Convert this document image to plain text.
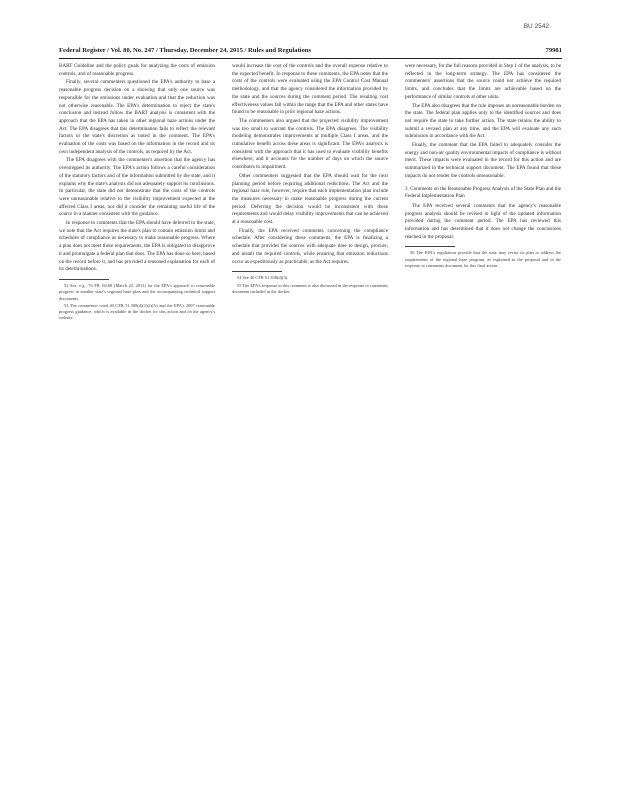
BU 2542
Federal Register / Vol. 80, No. 247 / Thursday, December 24, 2015 / Rules and Regulations	79981

BART Guideline and the policy goals for analyzing the costs of emission controls, and of reasonable progress.

Finally, several commenters questioned the EPA's authority to base a reasonable progress decision on a showing that only one source was responsible for the emissions under evaluation and that the reduction was not otherwise reasonable. The EPA's determination to reject the state's conclusion and instead follow the BART analysis is consistent with the approach that the EPA has taken in other regional haze actions under the Act. The EPA disagrees that this determination fails to reflect the relevant factors or the state's discretion as noted in the comment. The EPA's evaluation of the costs was based on the information in the record and its own independent analysis of the controls, as required by the Act.

The EPA disagrees with the commenter's assertion that the agency has overstepped its authority. The EPA's action follows a careful consideration of the statutory factors and of the information submitted by the state, and it explains why the state's analysis did not adequately support its conclusions. In particular, the state did not demonstrate that the costs of the controls were unreasonable relative to the visibility improvement expected at the affected Class I areas, nor did it consider the remaining useful life of the source in a manner consistent with the guidance.

In response to comments that the EPA should have deferred to the state, we note that the Act requires the state's plan to contain emission limits and schedules of compliance as necessary to make reasonable progress. Where a plan does not meet these requirements, the EPA is obligated to disapprove it and promulgate a federal plan that does. The EPA has done so here, based on the record before it, and has provided a reasoned explanation for each of its determinations.

52 See, e.g., 76 FR 16168 (March 22, 2011) for the EPA's approach to reasonable progress in another state's regional haze plan and the accompanying technical support documents.

53 The commenter cited 40 CFR 51.308(d)(1)(i)(A) and the EPA's 2007 reasonable progress guidance, which is available in the docket for this action and on the agency's website.

would increase the cost of the controls and the overall expense relative to the expected benefit. In response to these comments, the EPA notes that the costs of the controls were evaluated using the EPA Control Cost Manual methodology, and that the agency considered the information provided by the state and the sources during the comment period. The resulting cost effectiveness values fall within the range that the EPA and other states have found to be reasonable in prior regional haze actions.

The commenters also argued that the projected visibility improvement was too small to warrant the controls. The EPA disagrees. The visibility modeling demonstrates improvements at multiple Class I areas, and the cumulative benefit across these areas is significant. The EPA's analysis is consistent with the approach that it has used to evaluate visibility benefits elsewhere, and it accounts for the number of days on which the source contributes to impairment.

Other commenters suggested that the EPA should wait for the next planning period before requiring additional reductions. The Act and the regional haze rule, however, require that each implementation plan include the measures necessary to make reasonable progress during the current period. Deferring the decision would be inconsistent with these requirements and would delay visibility improvements that can be achieved at a reasonable cost.

Finally, the EPA received comments concerning the compliance schedule. After considering these comments, the EPA is finalizing a schedule that provides the sources with adequate time to design, procure, and install the required controls, while ensuring that emission reductions occur as expeditiously as practicable, as the Act requires.

54 See 40 CFR 51.308(d)(3).

55 The EPA's response to this comment is also discussed in the response to comments document included in the docket.

were necessary, for the full reasons provided in Step 1 of the analysis, to be reflected in the long-term strategy. The EPA has considered the commenters' assertions that the source could not achieve the required limits, and concludes that the limits are achievable based on the performance of similar controls at other units.

The EPA also disagrees that the rule imposes an unreasonable burden on the state. The federal plan applies only to the identified sources and does not require the state to take further action. The state retains the ability to submit a revised plan at any time, and the EPA will evaluate any such submission in accordance with the Act.

Finally, the comment that the EPA failed to adequately consider the energy and non-air quality environmental impacts of compliance is without merit. These impacts were evaluated in the record for this action and are summarized in the technical support document. The EPA found that these impacts do not render the controls unreasonable.

3. Comments on the Reasonable Progress Analysis of the State Plan and the Federal Implementation Plan

The EPA received several comments that the agency's reasonable progress analysis should be revised in light of the updated information provided during the comment period. The EPA has reviewed this information and has determined that it does not change the conclusions reached in the proposal.

56 The EPA's regulations provide that the state may revise its plan to address the requirements of the regional haze program, as explained in the proposal and in the response to comments document for this final action.
